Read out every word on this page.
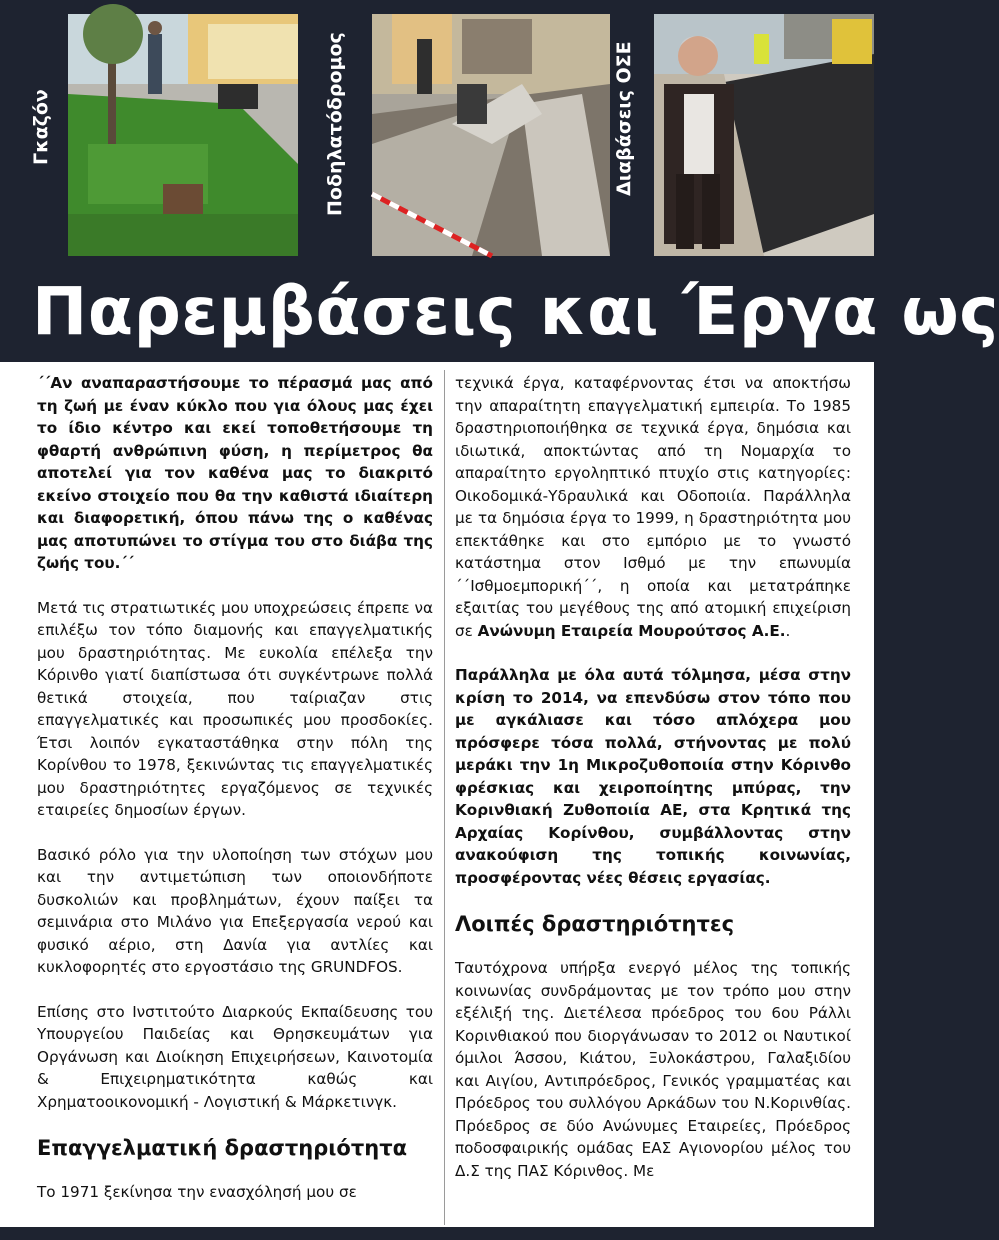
Γκαζόν	Ποδηλατόδρομος	Διαβάσεις ΟΣΕ
Παρεμβάσεις και Έργα ως

΄΄Αν αναπαραστήσουμε το πέρασμά μας από τη ζωή με έναν κύκλο που για όλους μας έχει το ίδιο κέντρο και εκεί τοποθετήσουμε τη φθαρτή ανθρώπινη φύση, η περίμετρος θα αποτελεί για τον καθένα μας το διακριτό εκείνο στοιχείο που θα την καθιστά ιδιαίτερη και διαφορετική, όπου πάνω της ο καθένας μας αποτυπώνει το στίγμα του στο διάβα της ζωής του.΄΄

Μετά τις στρατιωτικές μου υποχρεώσεις έπρεπε να επιλέξω τον τόπο διαμονής και επαγγελματικής μου δραστηριότητας. Με ευκολία επέλεξα την Κόρινθο γιατί διαπίστωσα ότι συγκέντρωνε πολλά θετικά στοιχεία, που ταίριαζαν στις επαγγελματικές και προσωπικές μου προσδοκίες. Έτσι λοιπόν εγκαταστάθηκα στην πόλη της Κορίνθου το 1978, ξεκινώντας τις επαγγελματικές μου δραστηριότητες εργαζόμενος σε τεχνικές εταιρείες δημοσίων έργων.

Βασικό ρόλο για την υλοποίηση των στόχων μου και την αντιμετώπιση των οποιονδήποτε δυσκολιών και προβλημάτων, έχουν παίξει τα σεμινάρια στο Μιλάνο για Επεξεργασία νερού και φυσικό αέριο, στη Δανία για αντλίες και κυκλοφορητές στο εργοστάσιο της GRUNDFOS.

Επίσης στο Ινστιτούτο Διαρκούς Εκπαίδευσης του Υπουργείου Παιδείας και Θρησκευμάτων για Οργάνωση και Διοίκηση Επιχειρήσεων, Καινοτομία & Επιχειρηματικότητα καθώς και Χρηματοοικονομική - Λογιστική & Μάρκετινγκ.

Επαγγελματική δραστηριότητα

Το 1971 ξεκίνησα την ενασχόλησή μου σε

τεχνικά έργα, καταφέρνοντας έτσι να αποκτήσω την απαραίτητη επαγγελματική εμπειρία. Το 1985 δραστηριοποιήθηκα σε τεχνικά έργα, δημόσια και ιδιωτικά, αποκτώντας από τη Νομαρχία το απαραίτητο εργοληπτικό πτυχίο στις κατηγορίες: Οικοδομικά-Υδραυλικά και Οδοποιία. Παράλληλα με τα δημόσια έργα το 1999, η δραστηριότητα μου επεκτάθηκε και στο εμπόριο με το γνωστό κατάστημα στον Ισθμό με την επωνυμία ΄΄Ισθμοεμπορική΄΄, η οποία και μετατράπηκε εξαιτίας του μεγέθους της από ατομική επιχείριση σε Ανώνυμη Εταιρεία Μουρούτσος Α.Ε..

Παράλληλα με όλα αυτά τόλμησα, μέσα στην κρίση το 2014, να επενδύσω στον τόπο που με αγκάλιασε και τόσο απλόχερα μου πρόσφερε τόσα πολλά, στήνοντας με πολύ μεράκι την 1η Μικροζυθοποιία στην Κόρινθο φρέσκιας και χειροποίητης μπύρας, την Κορινθιακή Ζυθοποιία ΑΕ, στα Κρητικά της Αρχαίας Κορίνθου, συμβάλλοντας στην ανακούφιση της τοπικής κοινωνίας, προσφέροντας νέες θέσεις εργασίας.

Λοιπές δραστηριότητες

Ταυτόχρονα υπήρξα ενεργό μέλος της τοπικής κοινωνίας συνδράμοντας με τον τρόπο μου στην εξέλιξή της. Διετέλεσα πρόεδρος του 6ου Ράλλι Κορινθιακού που διοργάνωσαν το 2012 οι Ναυτικοί όμιλοι Άσσου, Κιάτου, Ξυλοκάστρου, Γαλαξιδίου και Αιγίου, Αντιπρόεδρος, Γενικός γραμματέας και Πρόεδρος του συλλόγου Αρκάδων του Ν.Κορινθίας. Πρόεδρος σε δύο Ανώνυμες Εταιρείες, Πρόεδρος ποδοσφαιρικής ομάδας ΕΑΣ Αγιονορίου μέλος του Δ.Σ της ΠΑΣ Κόρινθος. Με
